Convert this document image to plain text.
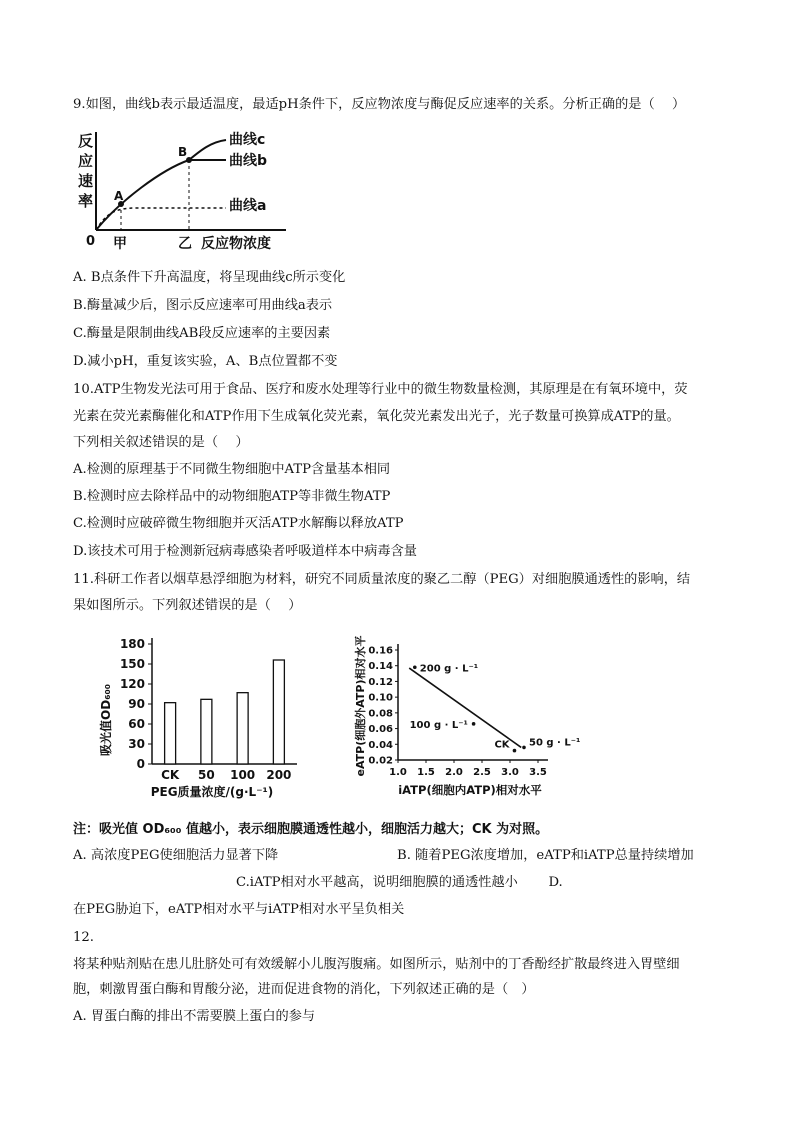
9.如图，曲线b表示最适温度，最适pH条件下，反应物浓度与酶促反应速率的关系。分析正确的是（　 ）
反
应
速
率
0 甲	乙 反应物浓度
A
B
曲线c
曲线b
曲线a
A. B点条件下升高温度，将呈现曲线c所示变化
B.酶量减少后，图示反应速率可用曲线a表示
C.酶量是限制曲线AB段反应速率的主要因素
D.减小pH，重复该实验，A、B点位置都不变
10.ATP生物发光法可用于食品、医疗和废水处理等行业中的微生物数量检测，其原理是在有氧环境中，荧
光素在荧光素酶催化和ATP作用下生成氧化荧光素，氧化荧光素发出光子，光子数量可换算成ATP的量。
下列相关叙述错误的是（　 ）
A.检测的原理基于不同微生物细胞中ATP含量基本相同
B.检测时应去除样品中的动物细胞ATP等非微生物ATP
C.检测时应破碎微生物细胞并灭活ATP水解酶以释放ATP
D.该技术可用于检测新冠病毒感染者呼吸道样本中病毒含量
11.科研工作者以烟草悬浮细胞为材料，研究不同质量浓度的聚乙二醇（PEG）对细胞膜通透性的影响，结
果如图所示。下列叙述错误的是（　 ）
吸光值OD₆₀₀
0
30
60
90
120
150
180
CK 50 100 200
PEG质量浓度/(g·L⁻¹)
eATP(细胞外ATP)相对水平 0.02
0.04
0.06
0.08
0.10
0.12
0.14
0.16
1.0 1.5 2.0 2.5 3.0 3.5
200 g · L⁻¹
100 g · L⁻¹
50 g · L⁻¹
CK
iATP(细胞内ATP)相对水平
注：吸光值 OD₆₀₀ 值越小，表示细胞膜通透性越小，细胞活力越大；CK 为对照。
A. 高浓度PEG使细胞活力显著下降	B. 随着PEG浓度增加，eATP和iATP总量持续增加
C.iATP相对水平越高，说明细胞膜的通透性越小　　 D.
在PEG胁迫下，eATP相对水平与iATP相对水平呈负相关
12.
将某种贴剂贴在患儿肚脐处可有效缓解小儿腹泻腹痛。如图所示，贴剂中的丁香酚经扩散最终进入胃壁细
胞，刺激胃蛋白酶和胃酸分泌，进而促进食物的消化，下列叙述正确的是（　）
A. 胃蛋白酶的排出不需要膜上蛋白的参与
